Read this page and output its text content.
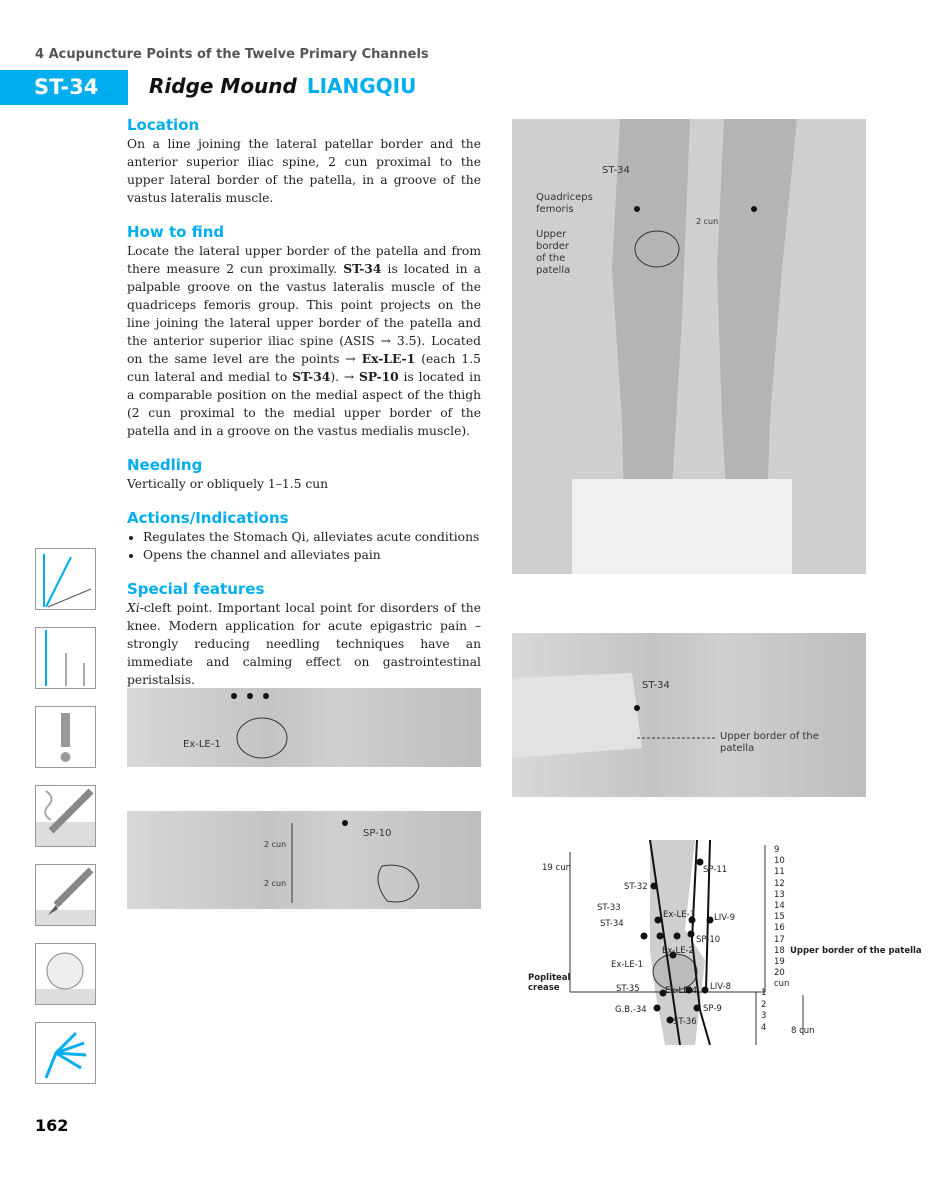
4 Acupuncture Points of the Twelve Primary Channels
ST-34	Ridge Mound LIANGQIU
Location

On a line joining the lateral patellar border and the anterior superior iliac spine, 2 cun proximal to the upper lateral border of the patella, in a groove of the vastus lateralis muscle.

How to find

Locate the lateral upper border of the patella and from there measure 2 cun proximally. ST-34 is located in a palpable groove on the vastus lateralis muscle of the quadriceps femoris group. This point projects on the line joining the lateral upper border of the patella and the anterior superior iliac spine (ASIS → 3.5). Located on the same level are the points → Ex-LE-1 (each 1.5 cun lateral and medial to ST-34). → SP-10 is located in a comparable position on the medial aspect of the thigh (2 cun proximal to the medial upper border of the patella and in a groove on the vastus medialis muscle).

Needling

Vertically or obliquely 1–1.5 cun

Actions/Indications
• Regulates the Stomach Qi, alleviates acute conditions
• Opens the channel and alleviates pain
Special features

Xi-cleft point. Important local point for disorders of the knee. Modern application for acute epigastric pain – strongly reducing needling techniques have an immediate and calming effect on gastrointestinal peristalsis.

ST-34
Quadriceps femoris
Upper border of the patella
2 cun
ST-34
Upper border of the patella
Ex-LE-1
SP-10
2 cun
2 cun
19 cun
ST-32
ST-33
ST-34
Ex-LE-1
Popliteal crease	ST-35
G.B.-34
SP-11
Ex-LE-3 LIV-9
SP-10
Ex-LE-2
Ex-LE-4 LIV-8
SP-9
ST-36
9
10
11
12
13
14
15
16
17
18
19
20
cun
1
2
3
4
Upper border of the patella
8 cun
162
